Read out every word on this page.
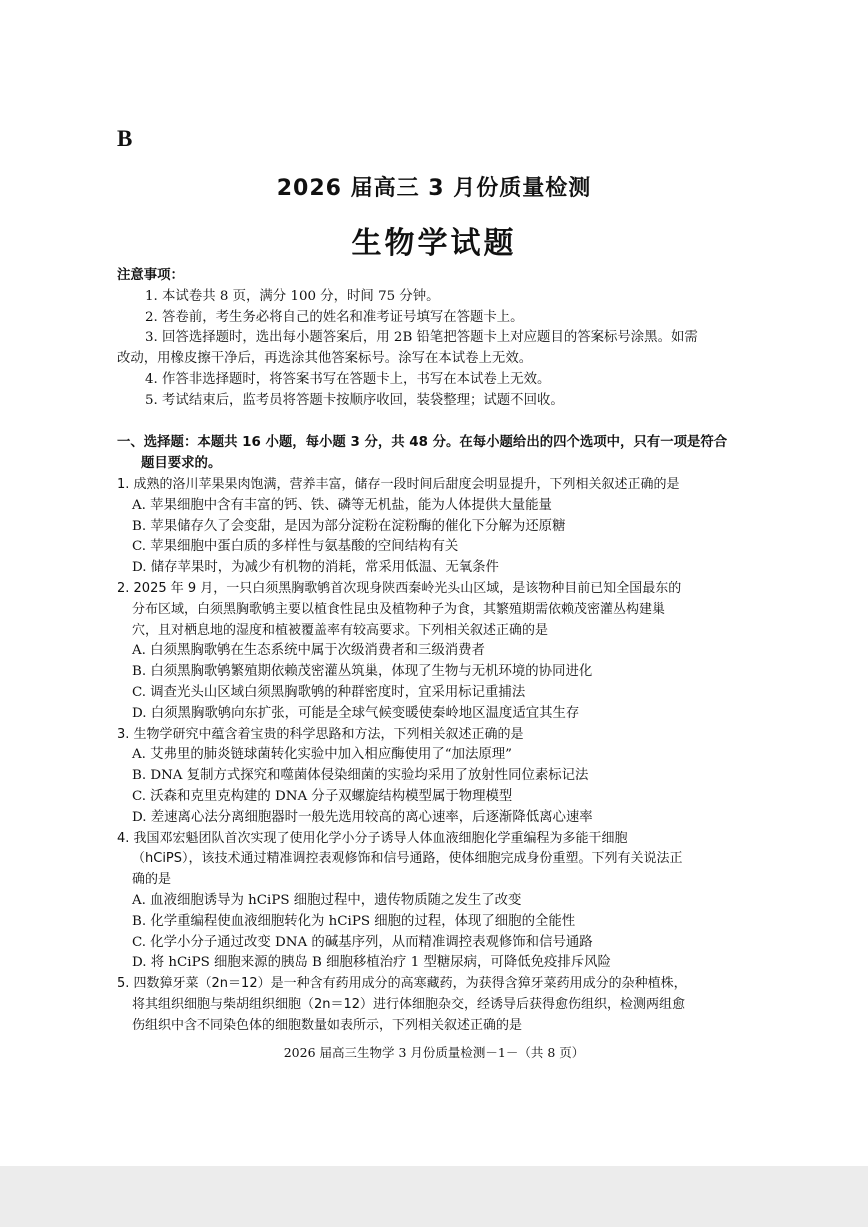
B
2026 届高三 3 月份质量检测
生物学试题
注意事项：
1. 本试卷共 8 页，满分 100 分，时间 75 分钟。
2. 答卷前，考生务必将自己的姓名和准考证号填写在答题卡上。
3. 回答选择题时，选出每小题答案后，用 2B 铅笔把答题卡上对应题目的答案标号涂黑。如需
改动，用橡皮擦干净后，再选涂其他答案标号。涂写在本试卷上无效。
4. 作答非选择题时，将答案书写在答题卡上，书写在本试卷上无效。
5. 考试结束后，监考员将答题卡按顺序收回，装袋整理；试题不回收。
一、选择题：本题共 16 小题，每小题 3 分，共 48 分。在每小题给出的四个选项中，只有一项是符合
题目要求的。
1. 成熟的洛川苹果果肉饱满，营养丰富，储存一段时间后甜度会明显提升，下列相关叙述正确的是
A. 苹果细胞中含有丰富的钙、铁、磷等无机盐，能为人体提供大量能量
B. 苹果储存久了会变甜，是因为部分淀粉在淀粉酶的催化下分解为还原糖
C. 苹果细胞中蛋白质的多样性与氨基酸的空间结构有关
D. 储存苹果时，为减少有机物的消耗，常采用低温、无氧条件
2. 2025 年 9 月，一只白须黑胸歌鸲首次现身陕西秦岭光头山区域，是该物种目前已知全国最东的
分布区域，白须黑胸歌鸲主要以植食性昆虫及植物种子为食，其繁殖期需依赖茂密灌丛构建巢
穴，且对栖息地的湿度和植被覆盖率有较高要求。下列相关叙述正确的是
A. 白须黑胸歌鸲在生态系统中属于次级消费者和三级消费者
B. 白须黑胸歌鸲繁殖期依赖茂密灌丛筑巢，体现了生物与无机环境的协同进化
C. 调查光头山区域白须黑胸歌鸲的种群密度时，宜采用标记重捕法
D. 白须黑胸歌鸲向东扩张，可能是全球气候变暖使秦岭地区温度适宜其生存
3. 生物学研究中蕴含着宝贵的科学思路和方法，下列相关叙述正确的是
A. 艾弗里的肺炎链球菌转化实验中加入相应酶使用了“加法原理”
B. DNA 复制方式探究和噬菌体侵染细菌的实验均采用了放射性同位素标记法
C. 沃森和克里克构建的 DNA 分子双螺旋结构模型属于物理模型
D. 差速离心法分离细胞器时一般先选用较高的离心速率，后逐渐降低离心速率
4. 我国邓宏魁团队首次实现了使用化学小分子诱导人体血液细胞化学重编程为多能干细胞
（hCiPS），该技术通过精准调控表观修饰和信号通路，使体细胞完成身份重塑。下列有关说法正
确的是
A. 血液细胞诱导为 hCiPS 细胞过程中，遗传物质随之发生了改变
B. 化学重编程使血液细胞转化为 hCiPS 细胞的过程，体现了细胞的全能性
C. 化学小分子通过改变 DNA 的碱基序列，从而精准调控表观修饰和信号通路
D. 将 hCiPS 细胞来源的胰岛 B 细胞移植治疗 1 型糖尿病，可降低免疫排斥风险
5. 四数獐牙菜（2n＝12）是一种含有药用成分的高寒藏药，为获得含獐牙菜药用成分的杂种植株，
将其组织细胞与柴胡组织细胞（2n＝12）进行体细胞杂交，经诱导后获得愈伤组织，检测两组愈
伤组织中含不同染色体的细胞数量如表所示，下列相关叙述正确的是
2026 届高三生物学 3 月份质量检测－1－（共 8 页）
